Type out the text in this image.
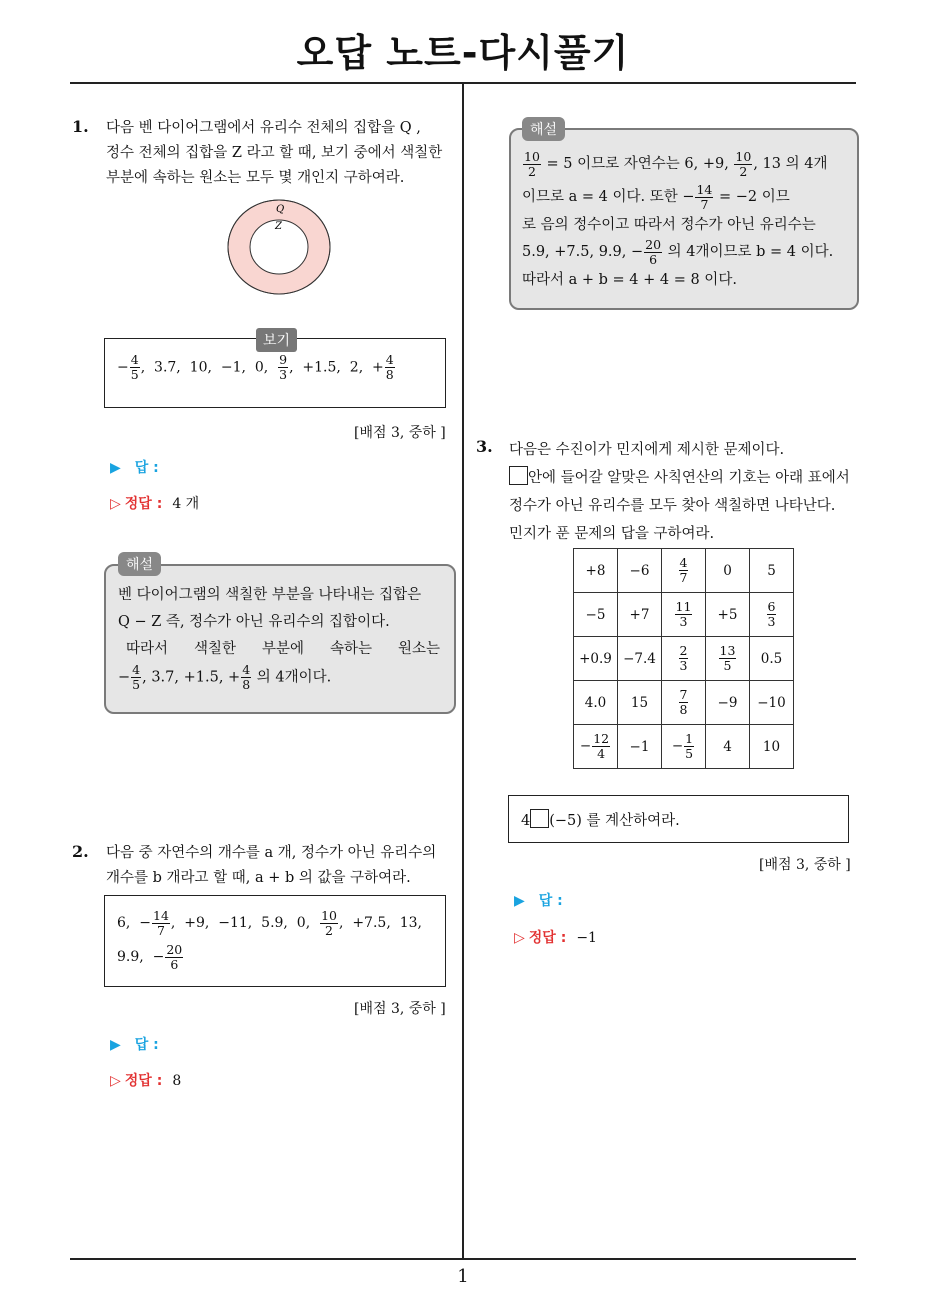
오답 노트-다시풀기
1
1. 다음 벤 다이어그램에서 유리수 전체의 집합을 Q ,
정수 전체의 집합을 Z 라고 할 때, 보기 중에서 색칠한
부분에 속하는 원소는 모두 몇 개인지 구하여라.
Q
Z
− $\frac{4}{5}$ ,  3.7, 10, −1, 0, $\frac{9}{3}$ ,  +1.5, 2,  + $\frac{4}{8}$
보기
[배점 3, 중하 ]
▶ 답 :
▷ 정답 : 4 개
해설
벤 다이어그램의 색칠한 부분을 나타내는 집합은
Q − Z 즉, 정수가 아닌 유리수의 집합이다.
따라서 색칠한 부분에 속하는 원소는
− $\frac{4}{5}$ , 3.7, +1.5, + $\frac{4}{8}$ 의 4개이다.
2. 다음 중 자연수의 개수를 a 개, 정수가 아닌 유리수의
개수를 b 개라고 할 때, a + b 의 값을 구하여라.
6,  − $\frac{14}{7}$ ,  +9, −11, 5.9, 0, $\frac{10}{2}$ ,  +7.5, 13,
9.9,  − $\frac{20}{6}$
[배점 3, 중하 ]
▶ 답 :
▷ 정답 : 8
해설
$\frac{10}{2} = 5$ 이므로 자연수는 6, +9, $\frac{10}{2}$ , 13 의 4개
이므로 a = 4 이다. 또한 − $\frac{14}{7} = -2$ 이므
로 음의 정수이고 따라서 정수가 아닌 유리수는
5.9, +7.5, 9.9, − $\frac{20}{6}$ 의 4개이므로 b = 4 이다.
따라서 a + b = 4 + 4 = 8 이다.
3. 다음은 수진이가 민지에게 제시한 문제이다.
안에 들어갈 알맞은 사칙연산의 기호는 아래 표에서
정수가 아닌 유리수를 모두 찾아 색칠하면 나타난다.
민지가 푼 문제의 답을 구하여라.
+8	−6	$\frac{4}{7}$	0	5
−5	+7	$\frac{11}{3}$	+5	$\frac{6}{3}$

+0.9	−7.4	$\frac{2}{3}$	$\frac{13}{5}$	0.5
4.0	15	$\frac{7}{8}$	−9	−10
− $\frac{12}{4}$	−1	− $\frac{1}{5}$	4	10
4 (−5) 를 계산하여라.
[배점 3, 중하 ]
▶ 답 :
▷ 정답 : −1
